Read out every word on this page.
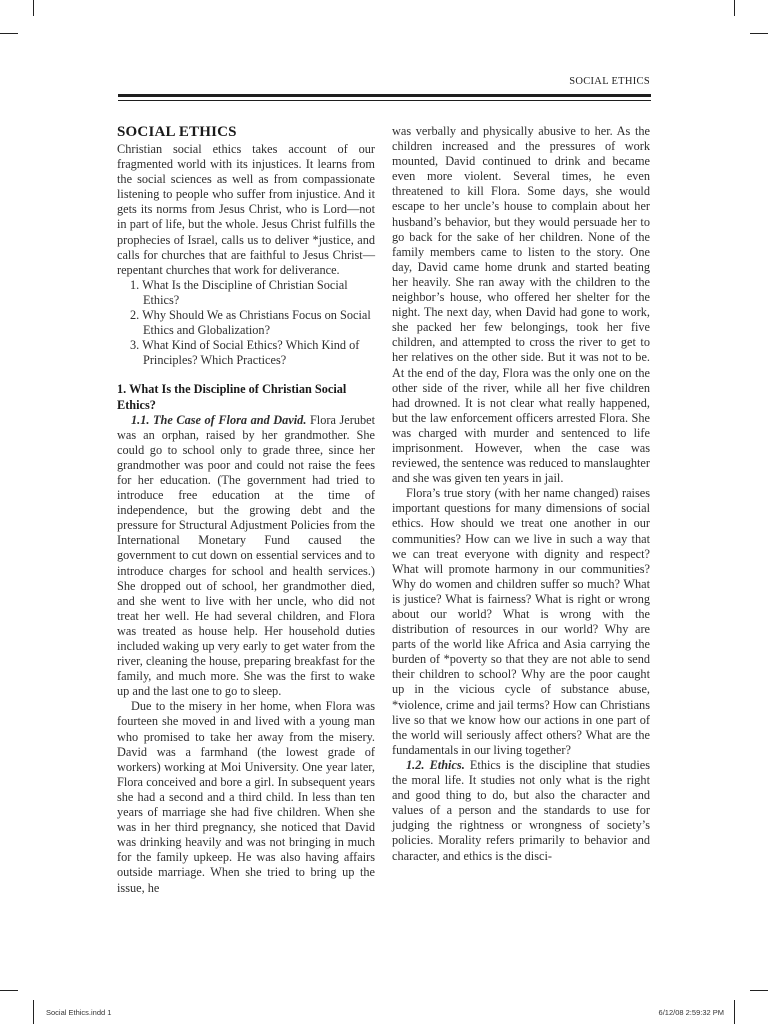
SOCIAL ETHICS
SOCIAL ETHICS

Christian social ethics takes account of our fragmented world with its injustices. It learns from the social sciences as well as from compassionate listening to people who suffer from injustice. And it gets its norms from Jesus Christ, who is Lord—not in part of life, but the whole. Jesus Christ fulfills the prophecies of Israel, calls us to deliver *justice, and calls for churches that are faithful to Jesus Christ—repentant churches that work for deliverance.

1. What Is the Discipline of Christian Social Ethics?
2. Why Should We as Christians Focus on Social Ethics and Globalization?
3. What Kind of Social Ethics? Which Kind of Principles? Which Practices?
1. What Is the Discipline of Christian Social Ethics?

1.1. The Case of Flora and David. Flora Jerubet was an orphan, raised by her grandmother. She could go to school only to grade three, since her grandmother was poor and could not raise the fees for her education. (The government had tried to introduce free education at the time of independence, but the growing debt and the pressure for Structural Adjustment Policies from the International Monetary Fund caused the government to cut down on essential services and to introduce charges for school and health services.) She dropped out of school, her grandmother died, and she went to live with her uncle, who did not treat her well. He had several children, and Flora was treated as house help. Her household duties included waking up very early to get water from the river, cleaning the house, preparing breakfast for the family, and much more. She was the first to wake up and the last one to go to sleep.

Due to the misery in her home, when Flora was fourteen she moved in and lived with a young man who promised to take her away from the misery. David was a farmhand (the lowest grade of workers) working at Moi University. One year later, Flora conceived and bore a girl. In subsequent years she had a second and a third child. In less than ten years of marriage she had five children. When she was in her third pregnancy, she noticed that David was drinking heavily and was not bringing in much for the family upkeep. He was also having affairs outside marriage. When she tried to bring up the issue, he

was verbally and physically abusive to her. As the children increased and the pressures of work mounted, David continued to drink and became even more violent. Several times, he even threatened to kill Flora. Some days, she would escape to her uncle’s house to complain about her husband’s behavior, but they would persuade her to go back for the sake of her children. None of the family members came to listen to the story. One day, David came home drunk and started beating her heavily. She ran away with the children to the neighbor’s house, who offered her shelter for the night. The next day, when David had gone to work, she packed her few belongings, took her five children, and attempted to cross the river to get to her relatives on the other side. But it was not to be. At the end of the day, Flora was the only one on the other side of the river, while all her five children had drowned. It is not clear what really happened, but the law enforcement officers arrested Flora. She was charged with murder and sentenced to life imprisonment. However, when the case was reviewed, the sentence was reduced to manslaughter and she was given ten years in jail.

Flora’s true story (with her name changed) raises important questions for many dimensions of social ethics. How should we treat one another in our communities? How can we live in such a way that we can treat everyone with dignity and respect? What will promote harmony in our communities? Why do women and children suffer so much? What is justice? What is fairness? What is right or wrong about our world? What is wrong with the distribution of resources in our world? Why are parts of the world like Africa and Asia carrying the burden of *poverty so that they are not able to send their children to school? Why are the poor caught up in the vicious cycle of substance abuse, *violence, crime and jail terms? How can Christians live so that we know how our actions in one part of the world will seriously affect others? What are the fundamentals in our living together?

1.2. Ethics. Ethics is the discipline that studies the moral life. It studies not only what is the right and good thing to do, but also the character and values of a person and the standards to use for judging the rightness or wrongness of society’s policies. Morality refers primarily to behavior and character, and ethics is the disci-

Social Ethics.indd 1	6/12/08 2:59:32 PM
